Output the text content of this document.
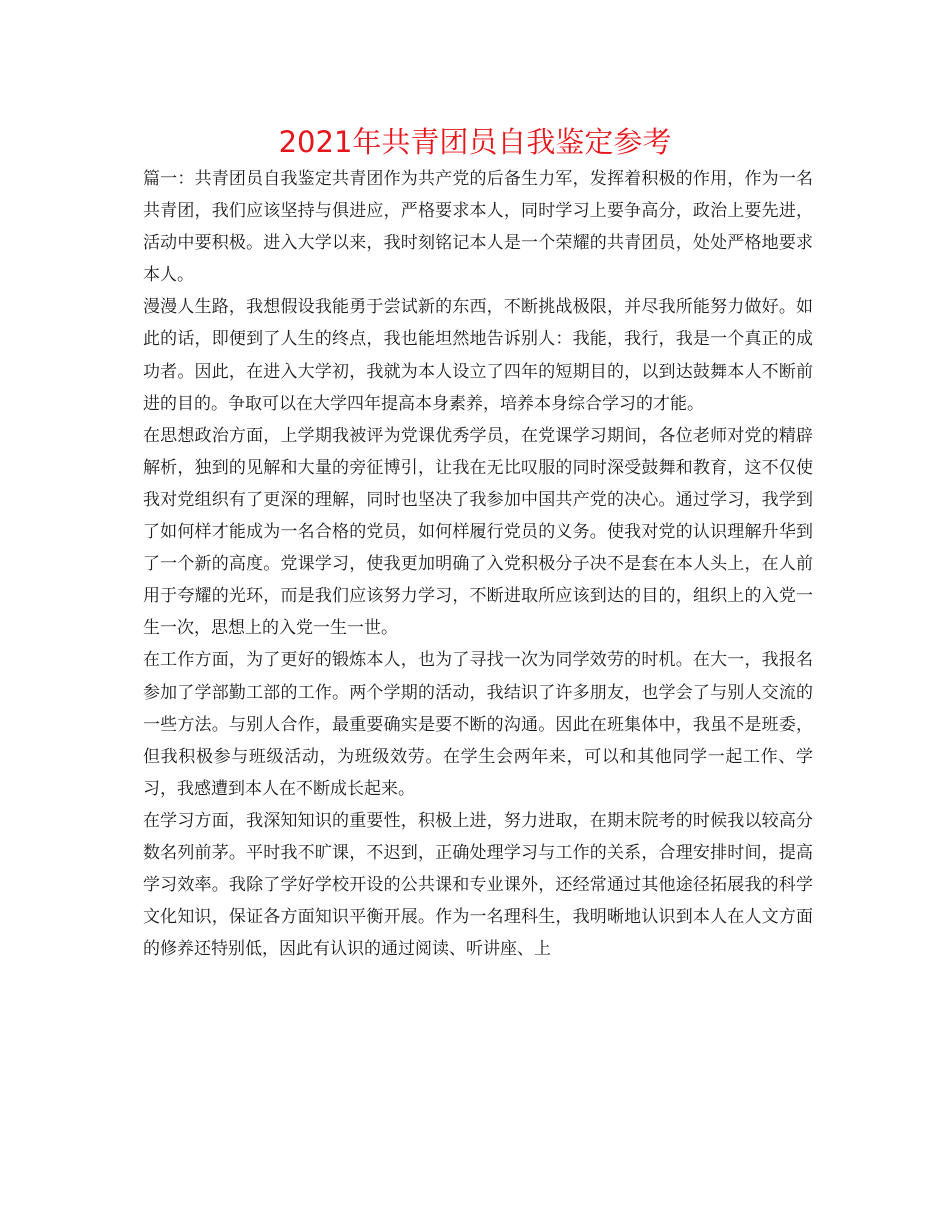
2021年共青团员自我鉴定参考

篇一：共青团员自我鉴定共青团作为共产党的后备生力军，发挥着积极的作用，作为一名共青团，我们应该坚持与俱进应，严格要求本人，同时学习上要争高分，政治上要先进，活动中要积极。进入大学以来，我时刻铭记本人是一个荣耀的共青团员，处处严格地要求本人。

漫漫人生路，我想假设我能勇于尝试新的东西，不断挑战极限，并尽我所能努力做好。如此的话，即便到了人生的终点，我也能坦然地告诉别人：我能，我行，我是一个真正的成功者。因此，在进入大学初，我就为本人设立了四年的短期目的，以到达鼓舞本人不断前进的目的。争取可以在大学四年提高本身素养，培养本身综合学习的才能。

在思想政治方面，上学期我被评为党课优秀学员，在党课学习期间，各位老师对党的精辟解析，独到的见解和大量的旁征博引，让我在无比叹服的同时深受鼓舞和教育，这不仅使我对党组织有了更深的理解，同时也坚决了我参加中国共产党的决心。通过学习，我学到了如何样才能成为一名合格的党员，如何样履行党员的义务。使我对党的认识理解升华到了一个新的高度。党课学习，使我更加明确了入党积极分子决不是套在本人头上，在人前用于夸耀的光环，而是我们应该努力学习，不断进取所应该到达的目的，组织上的入党一生一次，思想上的入党一生一世。

在工作方面，为了更好的锻炼本人，也为了寻找一次为同学效劳的时机。在大一，我报名参加了学部勤工部的工作。两个学期的活动，我结识了许多朋友，也学会了与别人交流的一些方法。与别人合作，最重要确实是要不断的沟通。因此在班集体中，我虽不是班委，但我积极参与班级活动，为班级效劳。在学生会两年来，可以和其他同学一起工作、学习，我感遭到本人在不断成长起来。

在学习方面，我深知知识的重要性，积极上进，努力进取，在期末院考的时候我以较高分数名列前茅。平时我不旷课，不迟到，正确处理学习与工作的关系，合理安排时间，提高学习效率。我除了学好学校开设的公共课和专业课外，还经常通过其他途径拓展我的科学文化知识，保证各方面知识平衡开展。作为一名理科生，我明晰地认识到本人在人文方面的修养还特别低，因此有认识的通过阅读、听讲座、上
